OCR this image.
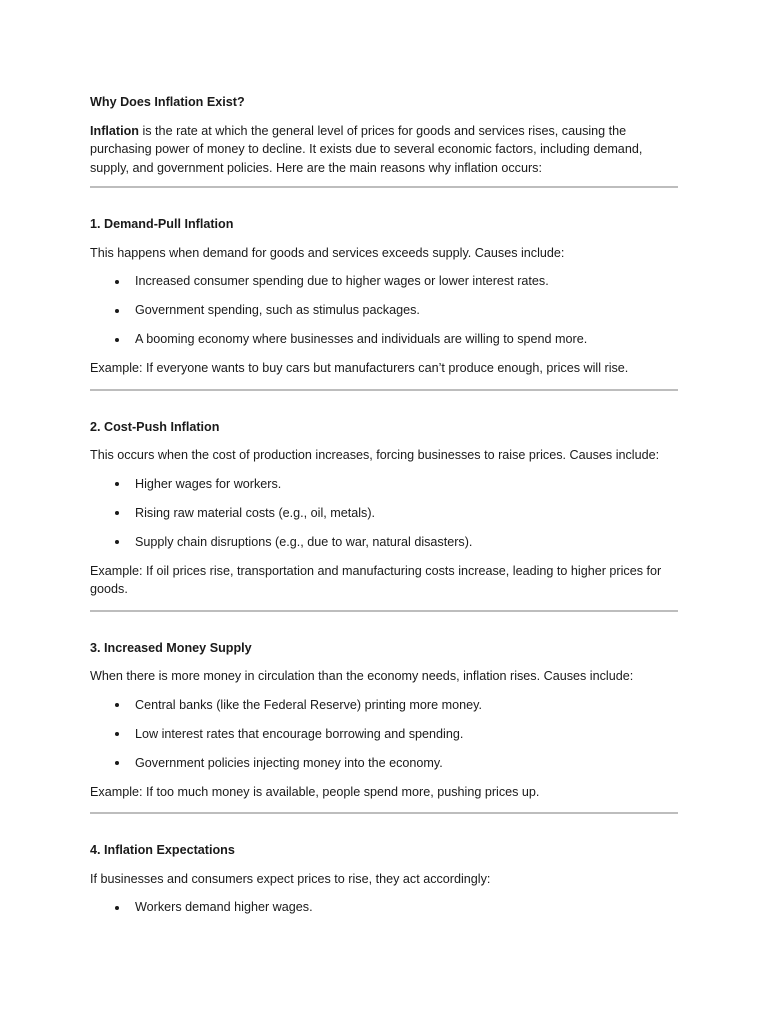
Why Does Inflation Exist?

Inflation is the rate at which the general level of prices for goods and services rises, causing the purchasing power of money to decline. It exists due to several economic factors, including demand, supply, and government policies. Here are the main reasons why inflation occurs:

1. Demand-Pull Inflation

This happens when demand for goods and services exceeds supply. Causes include:

Increased consumer spending due to higher wages or lower interest rates.
Government spending, such as stimulus packages.
A booming economy where businesses and individuals are willing to spend more.

Example: If everyone wants to buy cars but manufacturers can’t produce enough, prices will rise.

2. Cost-Push Inflation

This occurs when the cost of production increases, forcing businesses to raise prices. Causes include:

Higher wages for workers.
Rising raw material costs (e.g., oil, metals).
Supply chain disruptions (e.g., due to war, natural disasters).

Example: If oil prices rise, transportation and manufacturing costs increase, leading to higher prices for goods.

3. Increased Money Supply

When there is more money in circulation than the economy needs, inflation rises. Causes include:

Central banks (like the Federal Reserve) printing more money.
Low interest rates that encourage borrowing and spending.
Government policies injecting money into the economy.

Example: If too much money is available, people spend more, pushing prices up.

4. Inflation Expectations

If businesses and consumers expect prices to rise, they act accordingly:

Workers demand higher wages.
